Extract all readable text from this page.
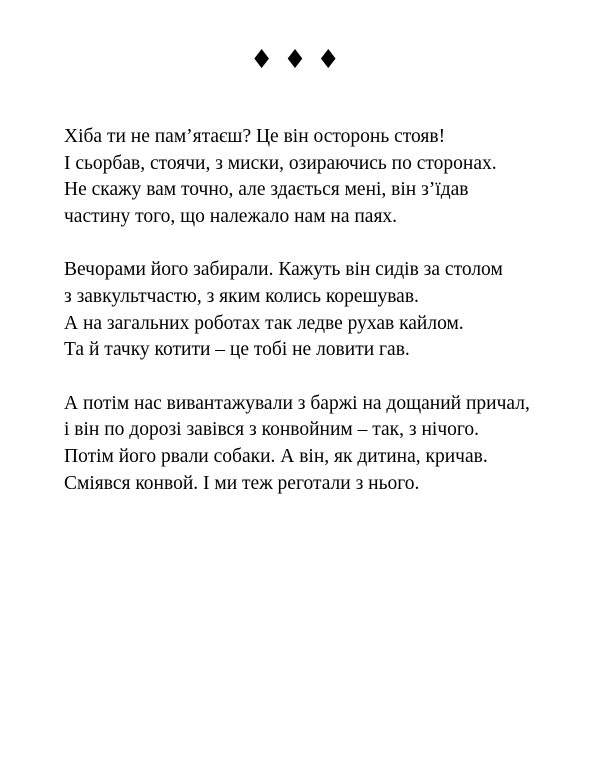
♦♦♦
Хіба ти не пам’ятаєш? Це він осторонь стояв!
І сьорбав, стоячи, з миски, озираючись по сторонах.
Не скажу вам точно, але здається мені, він з’їдав
частину того, що належало нам на паях.
Вечорами його забирали. Кажуть він сидів за столом
з завкультчастю, з яким колись корешував.
А на загальних роботах так ледве рухав кайлом.
Та й тачку котити – це тобі не ловити гав.
А потім нас вивантажували з баржі на дощаний причал,
і він по дорозі завівся з конвойним – так, з нічого.
Потім його рвали собаки. А він, як дитина, кричав.
Сміявся конвой. І ми теж реготали з нього.
